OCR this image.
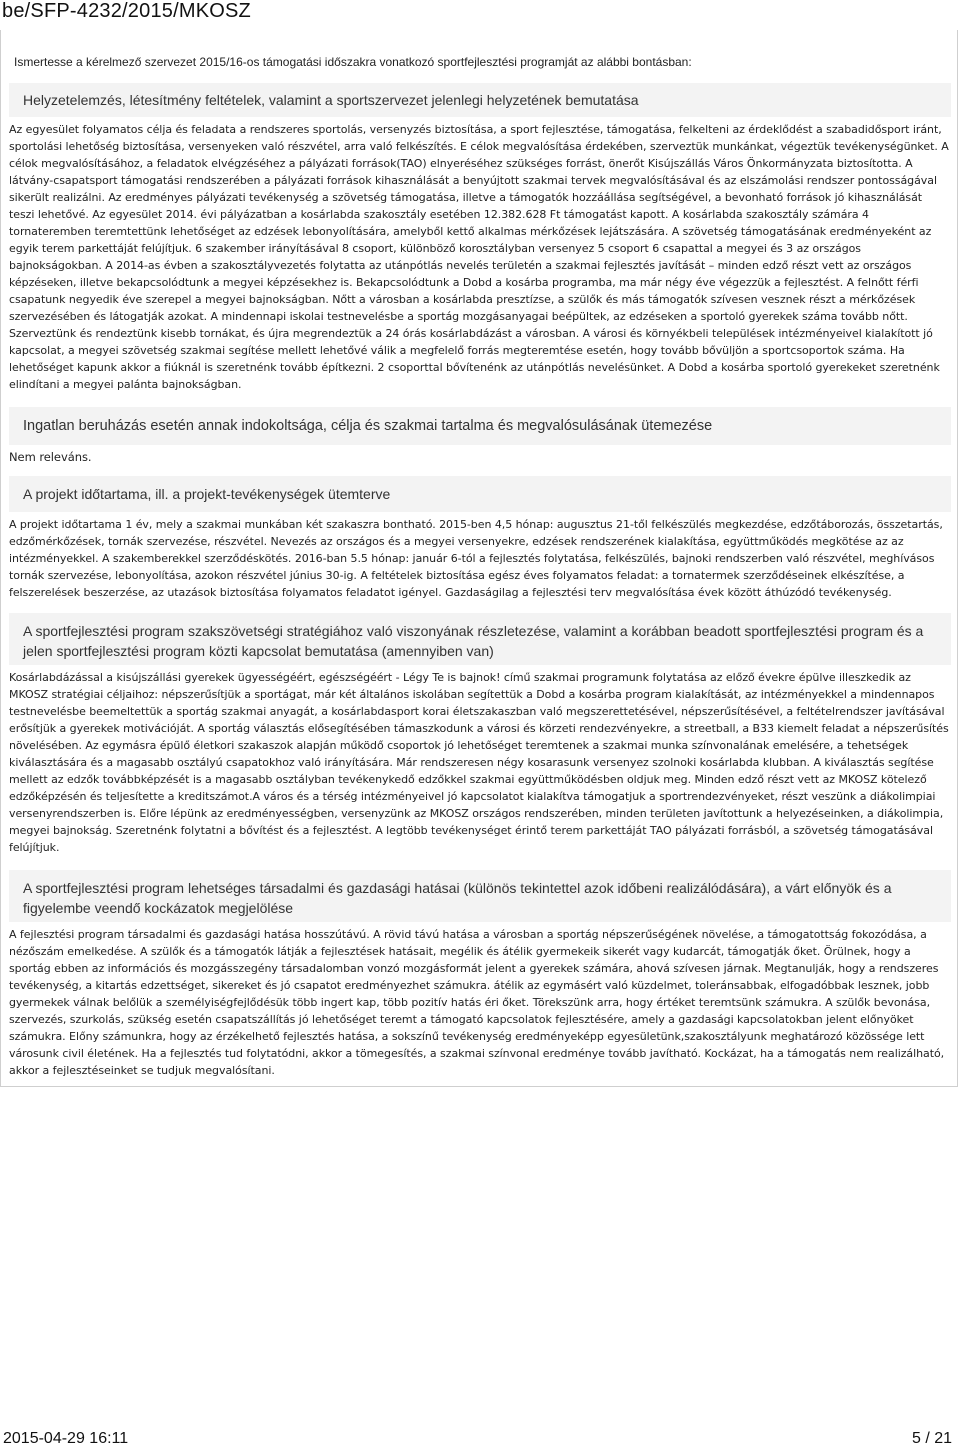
be/SFP-4232/2015/MKOSZ
Ismertesse a kérelmező szervezet 2015/16-os támogatási időszakra vonatkozó sportfejlesztési programját az alábbi bontásban:
Helyzetelemzés, létesítmény feltételek, valamint a sportszervezet jelenlegi helyzetének bemutatása
Az egyesület folyamatos célja és feladata a rendszeres sportolás, versenyzés biztosítása, a sport fejlesztése, támogatása, felkelteni az érdeklődést a szabadidősport iránt, sportolási lehetőség biztosítása, versenyeken való részvétel, arra való felkészítés. E célok megvalósítása érdekében, szerveztük munkánkat, végeztük tevékenységünket. A célok megvalósításához, a feladatok elvégzéséhez a pályázati források(TAO) elnyeréséhez szükséges forrást, önerőt Kisújszállás Város Önkormányzata biztosította. A látvány-csapatsport támogatási rendszerében a pályázati források kihasználását a benyújtott szakmai tervek megvalósításával és az elszámolási rendszer pontosságával sikerült realizálni. Az eredményes pályázati tevékenység a szövetség támogatása, illetve a támogatók hozzáállása segítségével, a bevonható források jó kihasználását teszi lehetővé. Az egyesület 2014. évi pályázatban a kosárlabda szakosztály esetében 12.382.628 Ft támogatást kapott. A kosárlabda szakosztály számára 4 tornateremben teremtettünk lehetőséget az edzések lebonyolítására, amelyből kettő alkalmas mérkőzések lejátszására. A szövetség támogatásának eredményeként az egyik terem parkettáját felújítjuk. 6 szakember irányításával 8 csoport, különböző korosztályban versenyez 5 csoport 6 csapattal a megyei és 3 az országos bajnokságokban. A 2014-as évben a szakosztályvezetés folytatta az utánpótlás nevelés területén a szakmai fejlesztés javítását – minden edző részt vett az országos képzéseken, illetve bekapcsolódtunk a megyei képzésekhez is. Bekapcsolódtunk a Dobd a kosárba programba, ma már négy éve végezzük a fejlesztést. A felnőtt férfi csapatunk negyedik éve szerepel a megyei bajnokságban. Nőtt a városban a kosárlabda presztízse, a szülők és más támogatók szívesen vesznek részt a mérkőzések szervezésében és látogatják azokat. A mindennapi iskolai testnevelésbe a sportág mozgásanyagai beépültek, az edzéseken a sportoló gyerekek száma tovább nőtt. Szerveztünk és rendeztünk kisebb tornákat, és újra megrendeztük a 24 órás kosárlabdázást a városban. A városi és környékbeli települések intézményeivel kialakított jó kapcsolat, a megyei szövetség szakmai segítése mellett lehetővé válik a megfelelő forrás megteremtése esetén, hogy tovább bővüljön a sportcsoportok száma. Ha lehetőséget kapunk akkor a fiúknál is szeretnénk tovább építkezni. 2 csoporttal bővítenénk az utánpótlás nevelésünket. A Dobd a kosárba sportoló gyerekeket szeretnénk elindítani a megyei palánta bajnokságban.
Ingatlan beruházás esetén annak indokoltsága, célja és szakmai tartalma és megvalósulásának ütemezése
Nem releváns.
A projekt időtartama, ill. a projekt-tevékenységek ütemterve
A projekt időtartama 1 év, mely a szakmai munkában két szakaszra bontható. 2015-ben 4,5 hónap: augusztus 21-től felkészülés megkezdése, edzőtáborozás, összetartás, edzőmérkőzések, tornák szervezése, részvétel. Nevezés az országos és a megyei versenyekre, edzések rendszerének kialakítása, együttműködés megkötése az az intézményekkel. A szakemberekkel szerződéskötés. 2016-ban 5.5 hónap: január 6-tól a fejlesztés folytatása, felkészülés, bajnoki rendszerben való részvétel, meghívásos tornák szervezése, lebonyolítása, azokon részvétel június 30-ig. A feltételek biztosítása egész éves folyamatos feladat: a tornatermek szerződéseinek elkészítése, a felszerelések beszerzése, az utazások biztosítása folyamatos feladatot igényel. Gazdaságilag a fejlesztési terv megvalósítása évek között áthúzódó tevékenység.
A sportfejlesztési program szakszövetségi stratégiához való viszonyának részletezése, valamint a korábban beadott sportfejlesztési program és a jelen sportfejlesztési program közti kapcsolat bemutatása (amennyiben van)
Kosárlabdázással a kisújszállási gyerekek ügyességéért, egészségéért - Légy Te is bajnok! című szakmai programunk folytatása az előző évekre épülve illeszkedik az MKOSZ stratégiai céljaihoz: népszerűsítjük a sportágat, már két általános iskolában segítettük a Dobd a kosárba program kialakítását, az intézményekkel a mindennapos testnevelésbe beemeltettük a sportág szakmai anyagát, a kosárlabdasport korai életszakaszban való megszerettetésével, népszerűsítésével, a feltételrendszer javításával erősítjük a gyerekek motivációját. A sportág választás elősegítésében támaszkodunk a városi és körzeti rendezvényekre, a streetball, a B33 kiemelt feladat a népszerűsítés növelésében. Az egymásra épülő életkori szakaszok alapján működő csoportok jó lehetőséget teremtenek a szakmai munka színvonalának emelésére, a tehetségek kiválasztására és a magasabb osztályú csapatokhoz való irányítására. Már rendszeresen négy kosarasunk versenyez szolnoki kosárlabda klubban. A kiválasztás segítése mellett az edzők továbbképzését is a magasabb osztályban tevékenykedő edzőkkel szakmai együttműködésben oldjuk meg. Minden edző részt vett az MKOSZ kötelező edzőképzésén és teljesítette a kreditszámot.A város és a térség intézményeivel jó kapcsolatot kialakítva támogatjuk a sportrendezvényeket, részt veszünk a diákolimpiai versenyrendszerben is. Előre lépünk az eredményességben, versenyzünk az MKOSZ országos rendszerében, minden területen javítottunk a helyezéseinken, a diákolimpia, megyei bajnokság. Szeretnénk folytatni a bővítést és a fejlesztést. A legtöbb tevékenységet érintő terem parkettáját TAO pályázati forrásból, a szövetség támogatásával felújítjuk.
A sportfejlesztési program lehetséges társadalmi és gazdasági hatásai (különös tekintettel azok időbeni realizálódására), a várt előnyök és a figyelembe veendő kockázatok megjelölése
A fejlesztési program társadalmi és gazdasági hatása hosszútávú. A rövid távú hatása a városban a sportág népszerűségének növelése, a támogatottság fokozódása, a nézőszám emelkedése. A szülők és a támogatók látják a fejlesztések hatásait, megélik és átélik gyermekeik sikerét vagy kudarcát, támogatják őket. Örülnek, hogy a sportág ebben az információs és mozgásszegény társadalomban vonzó mozgásformát jelent a gyerekek számára, ahová szívesen járnak. Megtanulják, hogy a rendszeres tevékenység, a kitartás edzettséget, sikereket és jó csapatot eredményezhet számukra. átélik az egymásért való küzdelmet, toleránsabbak, elfogadóbbak lesznek, jobb gyermekek válnak belőlük a személyiségfejlődésük több ingert kap, több pozitív hatás éri őket. Törekszünk arra, hogy értéket teremtsünk számukra. A szülők bevonása, szervezés, szurkolás, szükség esetén csapatszállítás jó lehetőséget teremt a támogató kapcsolatok fejlesztésére, amely a gazdasági kapcsolatokban jelent előnyöket számukra. Előny számunkra, hogy az érzékelhető fejlesztés hatása, a sokszínű tevékenység eredményeképp egyesületünk,szakosztályunk meghatározó közössége lett városunk civil életének. Ha a fejlesztés tud folytatódni, akkor a tömegesítés, a szakmai színvonal eredménye tovább javítható. Kockázat, ha a támogatás nem realizálható, akkor a fejlesztéseinket se tudjuk megvalósítani.
2015-04-29 16:11	5 / 21
